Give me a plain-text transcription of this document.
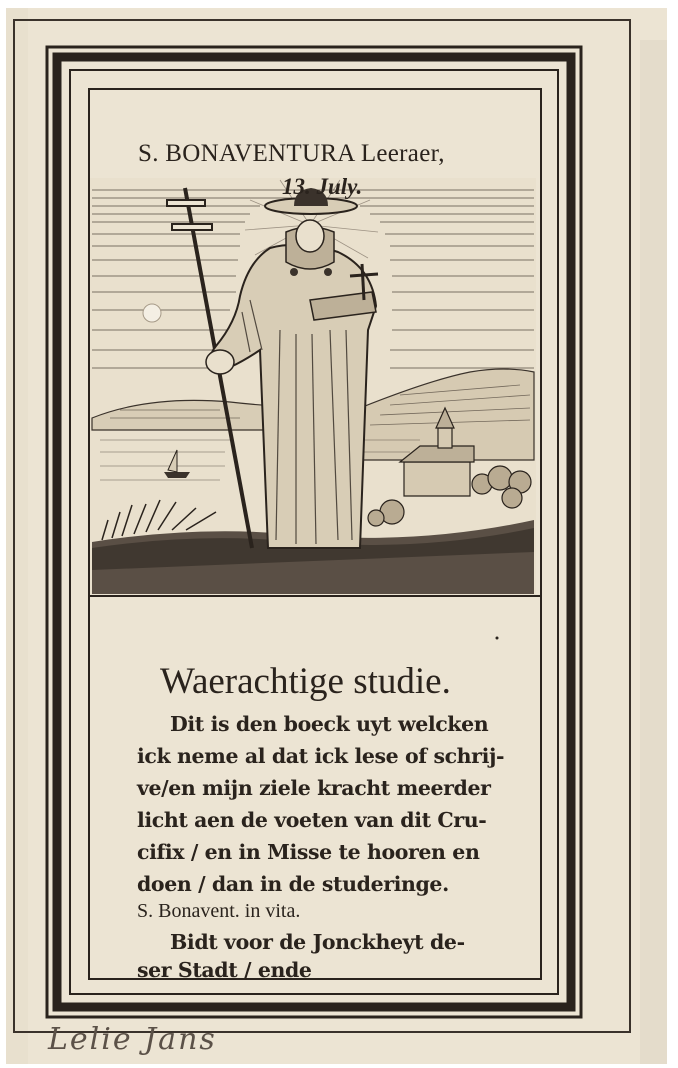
S. BONAVENTURA Leeraer,
13. July.
Waerachtige studie.
Dit is den boeck uyt welcken
ick neme al dat ick lese of schrij-
ve/en mijn ziele kracht meerder
licht aen de voeten van dit Cru-
cifix / en in Misse te hooren en
doen / dan in de studeringe.
S. Bonavent. in vita.
Bidt voor de Jonckheyt de-
ser Stadt / ende
Lelie Jans
